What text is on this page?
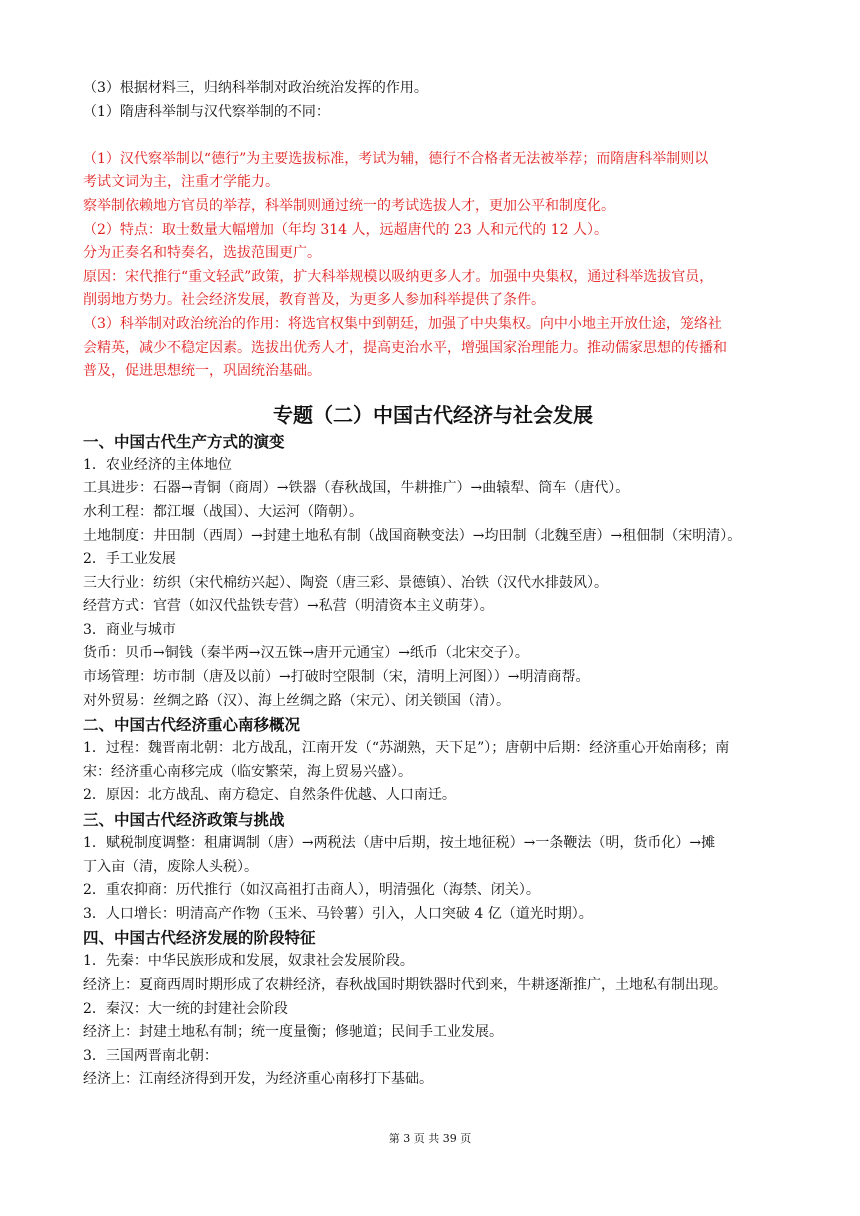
（3）根据材料三，归纳科举制对政治统治发挥的作用。
（1）隋唐科举制与汉代察举制的不同：
（1）汉代察举制以“德行”为主要选拔标准，考试为辅，德行不合格者无法被举荐；而隋唐科举制则以
考试文词为主，注重才学能力。
察举制依赖地方官员的举荐，科举制则通过统一的考试选拔人才，更加公平和制度化。
（2）特点：取士数量大幅增加（年均 314 人，远超唐代的 23 人和元代的 12 人）。
分为正奏名和特奏名，选拔范围更广。
原因：宋代推行“重文轻武”政策，扩大科举规模以吸纳更多人才。加强中央集权，通过科举选拔官员，
削弱地方势力。社会经济发展，教育普及，为更多人参加科举提供了条件。
（3）科举制对政治统治的作用：将选官权集中到朝廷，加强了中央集权。向中小地主开放仕途，笼络社
会精英，减少不稳定因素。选拔出优秀人才，提高吏治水平，增强国家治理能力。推动儒家思想的传播和
普及，促进思想统一，巩固统治基础。
专题（二）中国古代经济与社会发展
一、中国古代生产方式的演变
1．农业经济的主体地位
工具进步：石器→青铜（商周）→铁器（春秋战国，牛耕推广）→曲辕犁、筒车（唐代）。
水利工程：都江堰（战国）、大运河（隋朝）。
土地制度：井田制（西周）→封建土地私有制（战国商鞅变法）→均田制（北魏至唐）→租佃制（宋明清）。
2．手工业发展
三大行业：纺织（宋代棉纺兴起）、陶瓷（唐三彩、景德镇）、冶铁（汉代水排鼓风）。
经营方式：官营（如汉代盐铁专营）→私营（明清资本主义萌芽）。
3．商业与城市
货币：贝币→铜钱（秦半两→汉五铢→唐开元通宝）→纸币（北宋交子）。
市场管理：坊市制（唐及以前）→打破时空限制（宋，清明上河图））→明清商帮。
对外贸易：丝绸之路（汉）、海上丝绸之路（宋元）、闭关锁国（清）。
二、中国古代经济重心南移概况
1．过程：魏晋南北朝：北方战乱，江南开发（“苏湖熟，天下足”）；唐朝中后期：经济重心开始南移；南
宋：经济重心南移完成（临安繁荣，海上贸易兴盛）。
2．原因：北方战乱、南方稳定、自然条件优越、人口南迁。
三、中国古代经济政策与挑战
1．赋税制度调整：租庸调制（唐）→两税法（唐中后期，按土地征税）→一条鞭法（明，货币化）→摊
丁入亩（清，废除人头税）。
2．重农抑商：历代推行（如汉高祖打击商人），明清强化（海禁、闭关）。
3．人口增长：明清高产作物（玉米、马铃薯）引入，人口突破 4 亿（道光时期）。
四、中国古代经济发展的阶段特征
1．先秦：中华民族形成和发展，奴隶社会发展阶段。
经济上：夏商西周时期形成了农耕经济，春秋战国时期铁器时代到来，牛耕逐渐推广，土地私有制出现。
2．秦汉：大一统的封建社会阶段
经济上：封建土地私有制；统一度量衡；修驰道；民间手工业发展。
3．三国两晋南北朝：
经济上：江南经济得到开发，为经济重心南移打下基础。
第 3 页 共 39 页
